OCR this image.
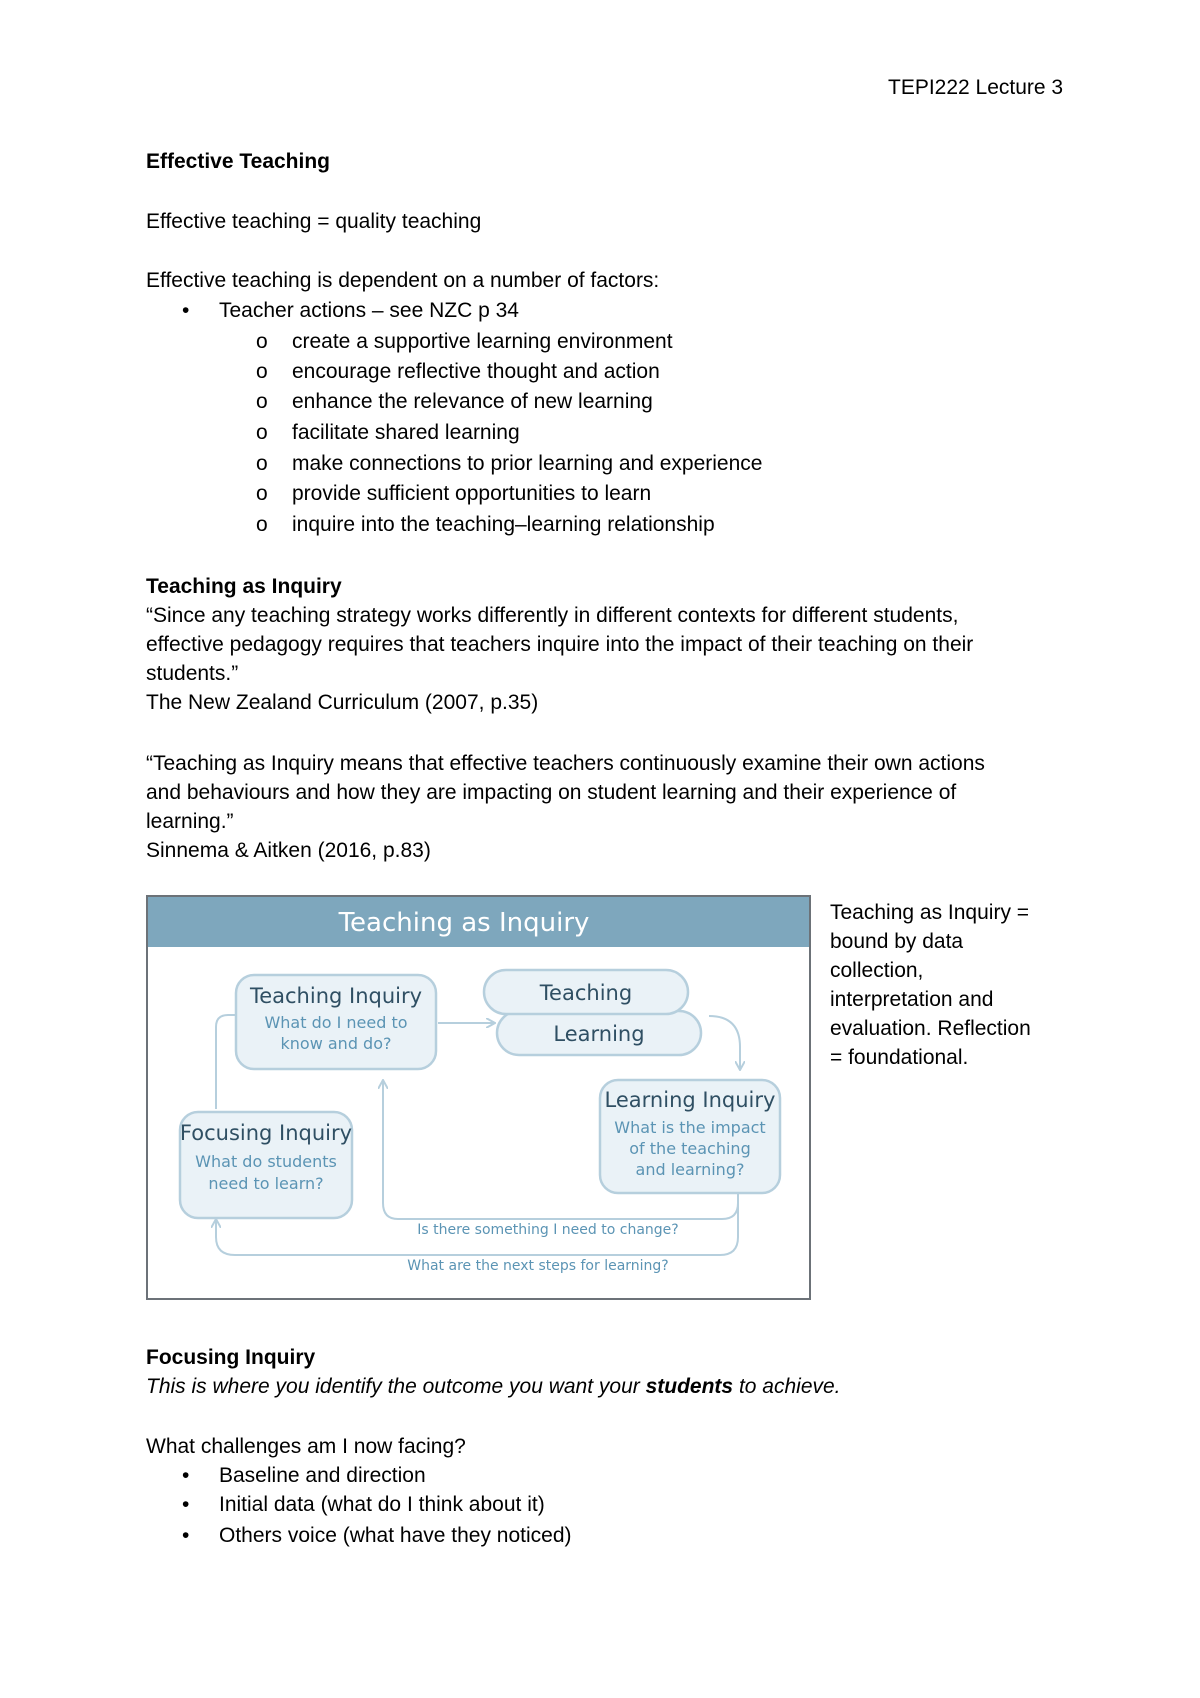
TEPI222 Lecture 3
Effective Teaching
Effective teaching = quality teaching
Effective teaching is dependent on a number of factors:
• Teacher actions – see NZC p 34
o create a supportive learning environment
o encourage reflective thought and action
o enhance the relevance of new learning
o facilitate shared learning
o make connections to prior learning and experience
o provide sufficient opportunities to learn
o inquire into the teaching–learning relationship
Teaching as Inquiry
“Since any teaching strategy works differently in different contexts for different students,
effective pedagogy requires that teachers inquire into the impact of their teaching on their
students.”
The New Zealand Curriculum (2007, p.35)
“Teaching as Inquiry means that effective teachers continuously examine their own actions
and behaviours and how they are impacting on student learning and their experience of
learning.”
Sinnema & Aitken (2016, p.83)
Teaching as Inquiry
Teaching Inquiry
What do I need to
know and do?	Learning
Teaching
Learning Inquiry
What is the impact
of the teaching
and learning?
Focusing Inquiry
What do students
need to learn?
Is there something I need to change?
What are the next steps for learning?
Teaching as Inquiry =
bound by data
collection,
interpretation and
evaluation. Reflection
= foundational.
Focusing Inquiry
This is where you identify the outcome you want your students to achieve.
What challenges am I now facing?
• Baseline and direction
• Initial data (what do I think about it)
• Others voice (what have they noticed)
